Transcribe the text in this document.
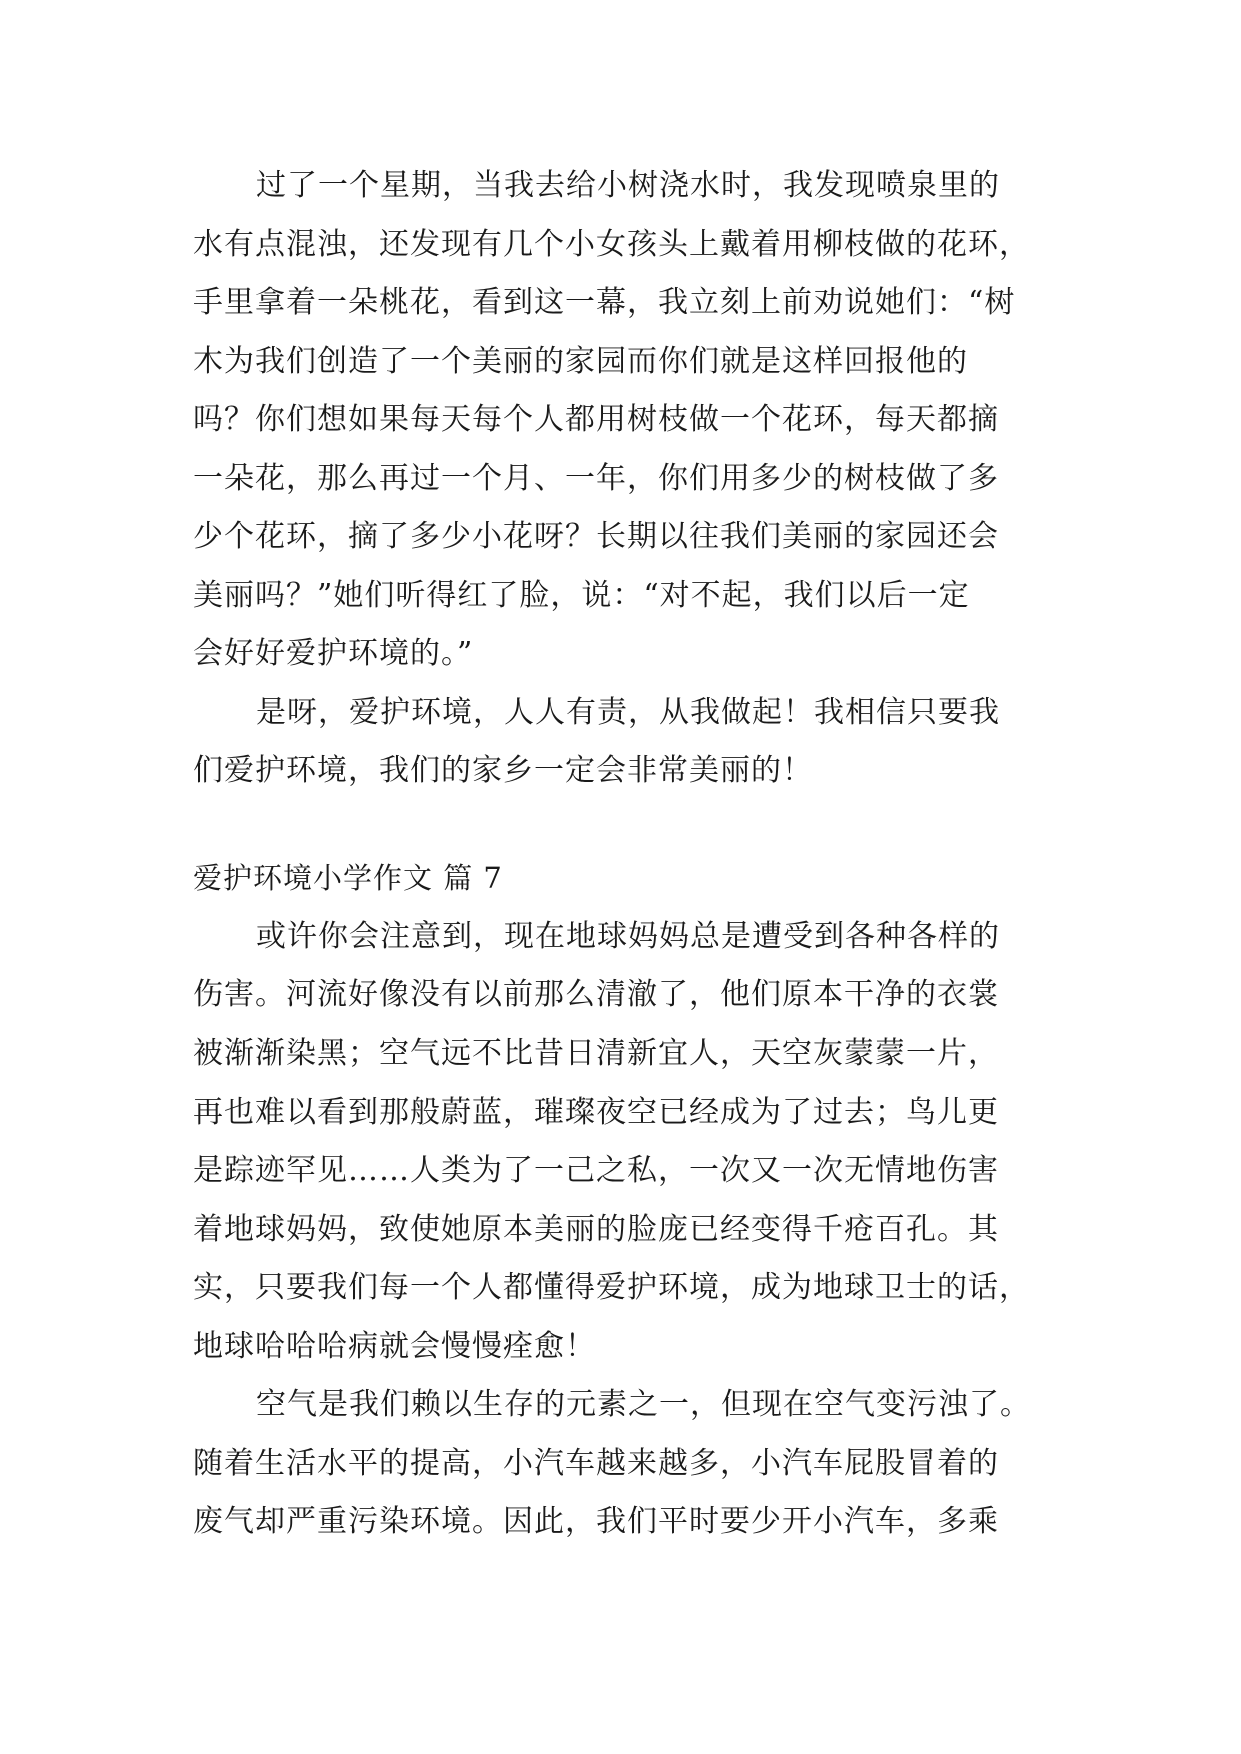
过了一个星期，当我去给小树浇水时，我发现喷泉里的
水有点混浊，还发现有几个小女孩头上戴着用柳枝做的花环，
手里拿着一朵桃花，看到这一幕，我立刻上前劝说她们：“树
木为我们创造了一个美丽的家园而你们就是这样回报他的
吗？你们想如果每天每个人都用树枝做一个花环，每天都摘
一朵花，那么再过一个月、一年，你们用多少的树枝做了多
少个花环，摘了多少小花呀？长期以往我们美丽的家园还会
美丽吗？”她们听得红了脸，说：“对不起，我们以后一定
会好好爱护环境的。”
是呀，爱护环境，人人有责，从我做起！我相信只要我
们爱护环境，我们的家乡一定会非常美丽的！
爱护环境小学作文 篇 7
或许你会注意到，现在地球妈妈总是遭受到各种各样的
伤害。河流好像没有以前那么清澈了，他们原本干净的衣裳
被渐渐染黑；空气远不比昔日清新宜人，天空灰蒙蒙一片，
再也难以看到那般蔚蓝，璀璨夜空已经成为了过去；鸟儿更
是踪迹罕见……人类为了一己之私，一次又一次无情地伤害
着地球妈妈，致使她原本美丽的脸庞已经变得千疮百孔。其
实，只要我们每一个人都懂得爱护环境，成为地球卫士的话，
地球哈哈哈病就会慢慢痊愈！
空气是我们赖以生存的元素之一，但现在空气变污浊了。
随着生活水平的提高，小汽车越来越多，小汽车屁股冒着的
废气却严重污染环境。因此，我们平时要少开小汽车，多乘
